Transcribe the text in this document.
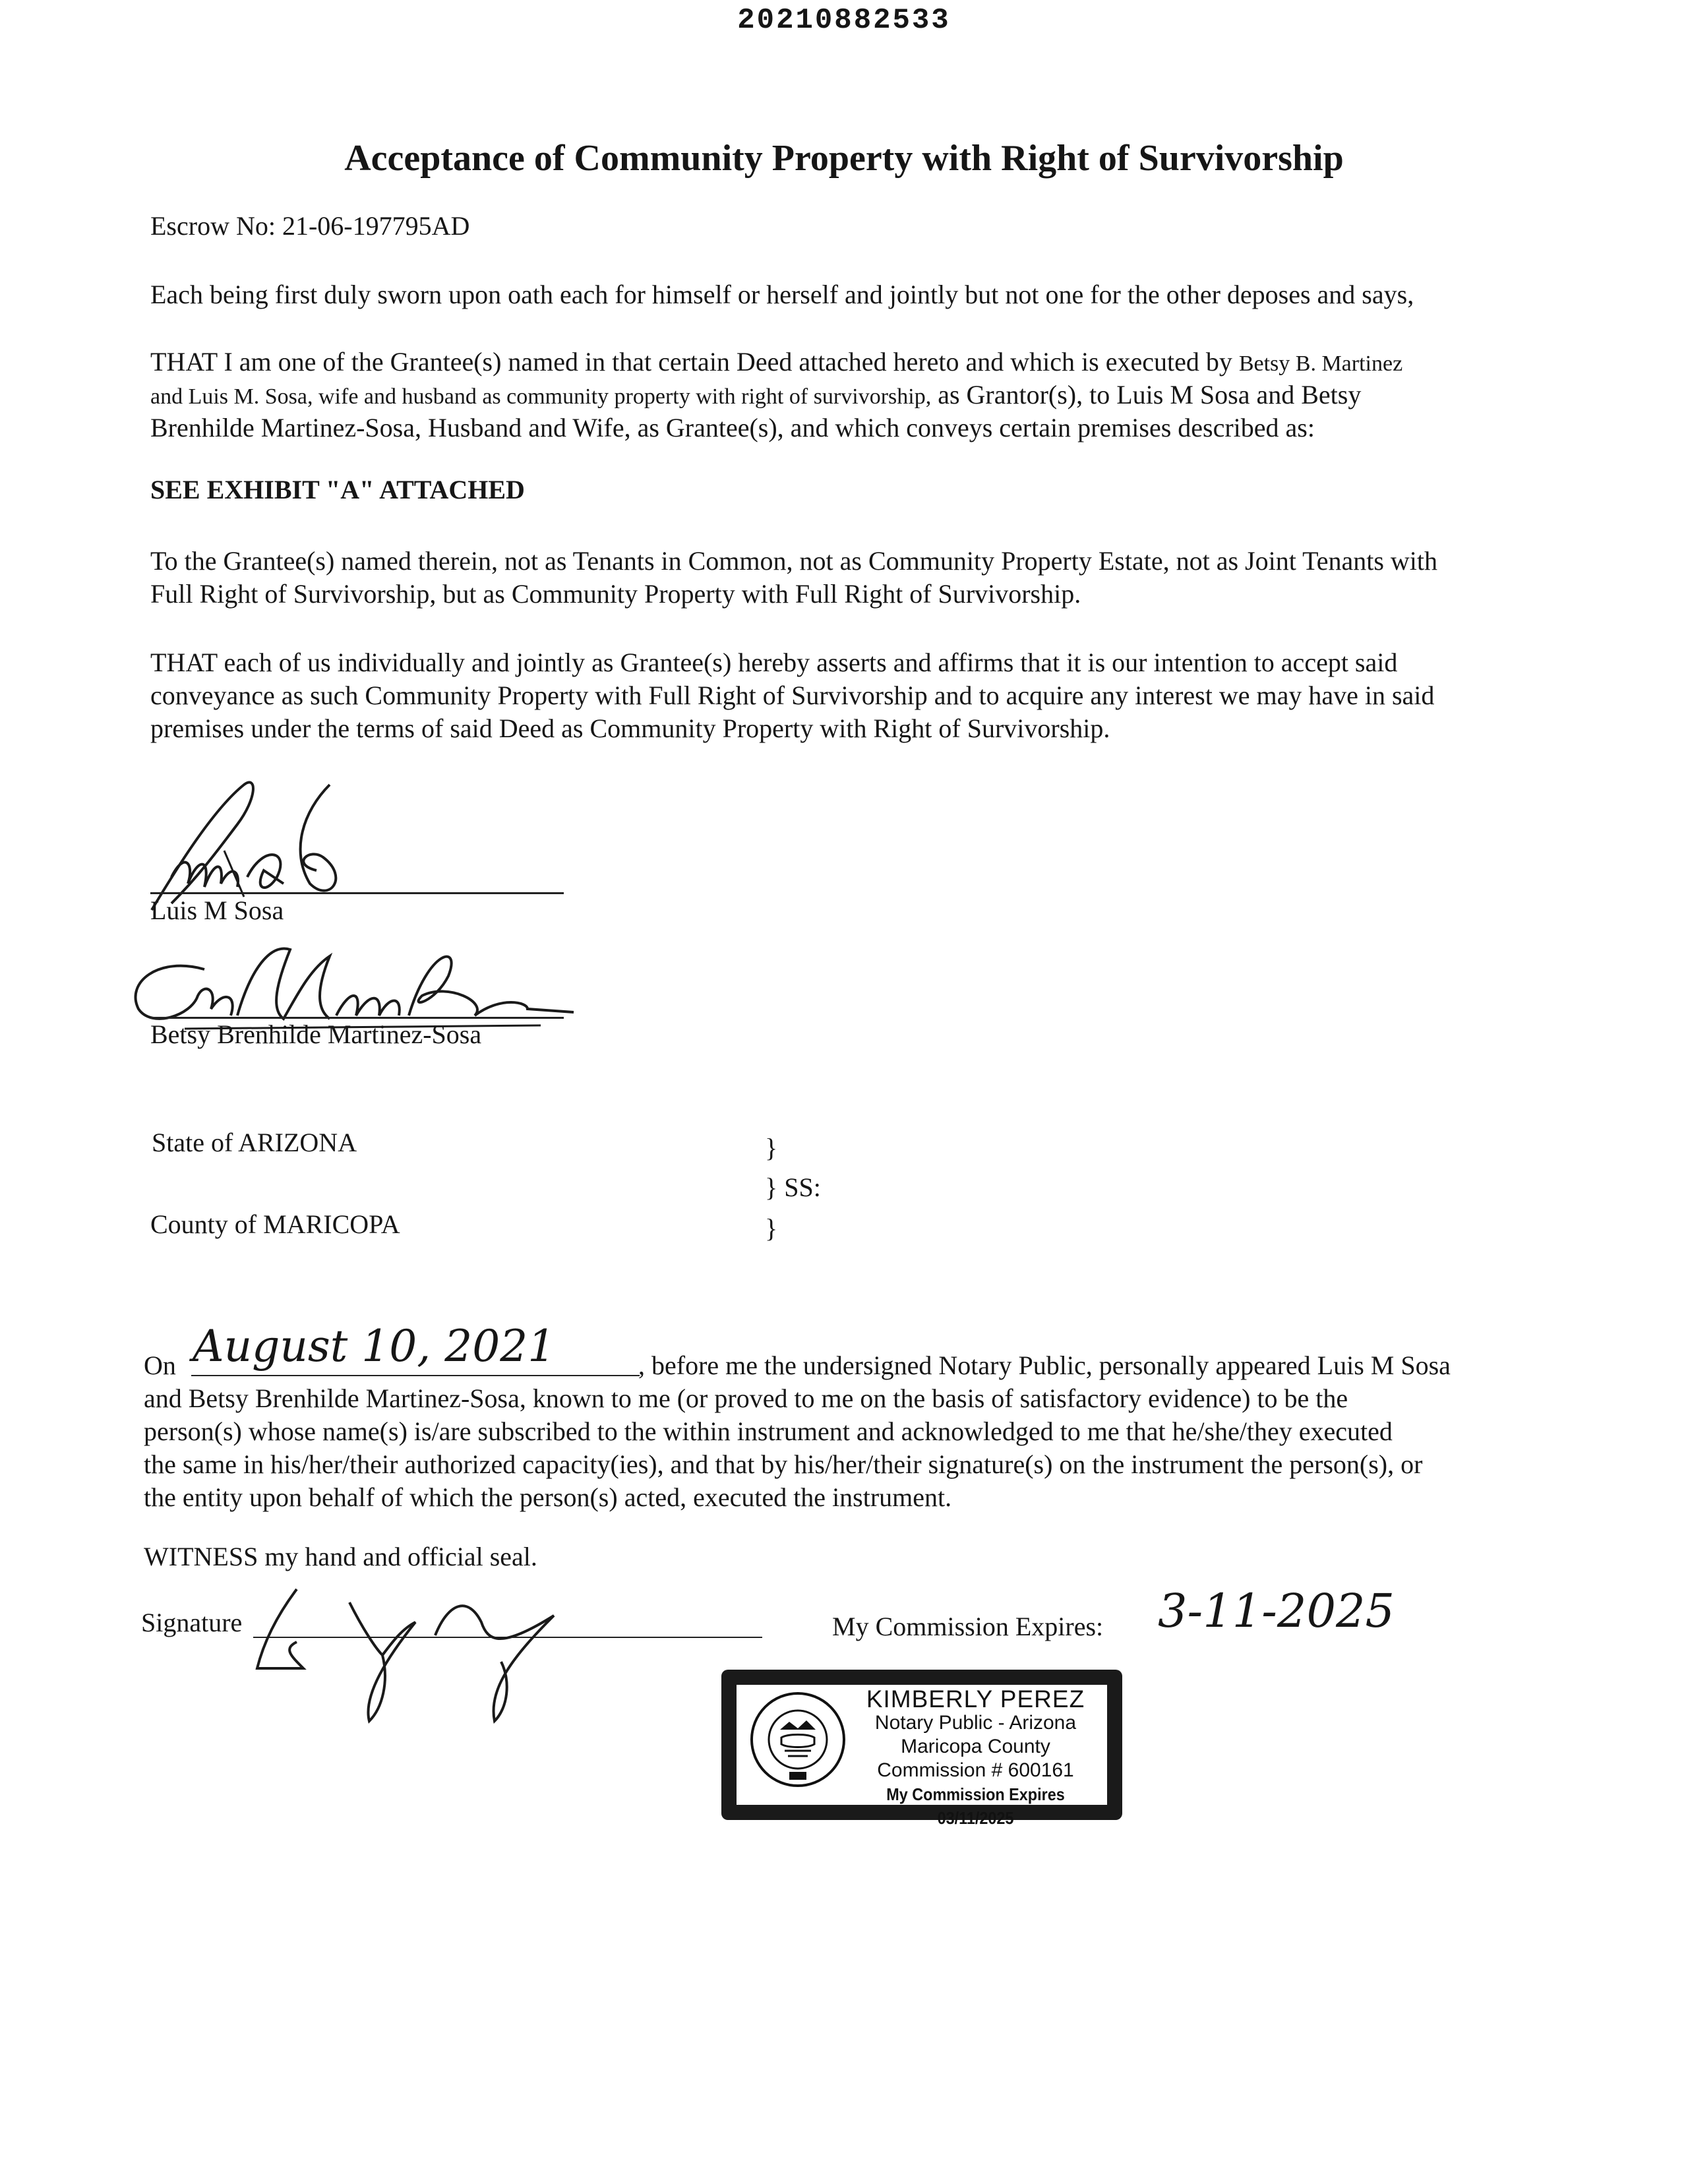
20210882533
Acceptance of Community Property with Right of Survivorship
Escrow No: 21-06-197795AD
Each being first duly sworn upon oath each for himself or herself and jointly but not one for the other deposes and says,
THAT I am one of the Grantee(s) named in that certain Deed attached hereto and which is executed by Betsy B. Martinez
and Luis M. Sosa, wife and husband as community property with right of survivorship, as Grantor(s), to Luis M Sosa and Betsy
Brenhilde Martinez-Sosa, Husband and Wife, as Grantee(s), and which conveys certain premises described as:
SEE EXHIBIT "A" ATTACHED
To the Grantee(s) named therein, not as Tenants in Common, not as Community Property Estate, not as Joint Tenants with
Full Right of Survivorship, but as Community Property with Full Right of Survivorship.
THAT each of us individually and jointly as Grantee(s) hereby asserts and affirms that it is our intention to accept said
conveyance as such Community Property with Full Right of Survivorship and to acquire any interest we may have in said
premises under the terms of said Deed as Community Property with Right of Survivorship.
Luis M Sosa
Betsy Brenhilde Martinez-Sosa
State of ARIZONA
County of MARICOPA
}
} SS:
}
On August 10, 2021	, before me the undersigned Notary Public, personally appeared Luis M Sosa
and Betsy Brenhilde Martinez-Sosa, known to me (or proved to me on the basis of satisfactory evidence) to be the
person(s) whose name(s) is/are subscribed to the within instrument and acknowledged to me that he/she/they executed
the same in his/her/their authorized capacity(ies), and that by his/her/their signature(s) on the instrument the person(s), or
the entity upon behalf of which the person(s) acted, executed the instrument.
WITNESS my hand and official seal.
Signature	My Commission Expires: 3-11-2025
KIMBERLY PEREZ
Notary Public - Arizona
Maricopa County
Commission # 600161
My Commission Expires 03/11/2025
